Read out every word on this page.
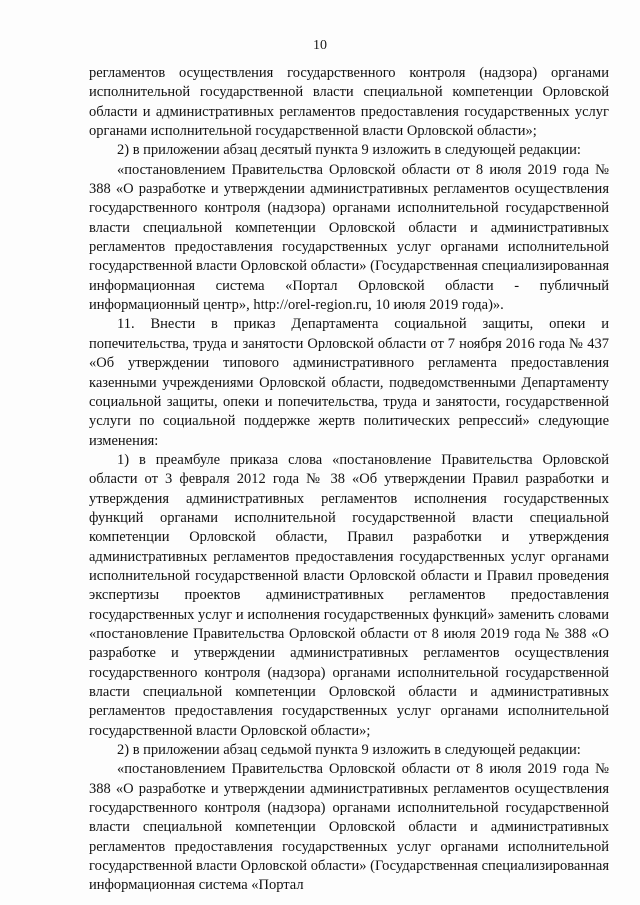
10

регламентов осуществления государственного контроля (надзора) органами исполнительной государственной власти специальной компетенции Орловской области и административных регламентов предоставления государственных услуг органами исполнительной государственной власти Орловской области»;

2) в приложении абзац десятый пункта 9 изложить в следующей редакции:

«постановлением Правительства Орловской области от 8 июля 2019 года № 388 «О разработке и утверждении административных регламентов осуществления государственного контроля (надзора) органами исполнительной государственной власти специальной компетенции Орловской области и административных регламентов предоставления государственных услуг органами исполнительной государственной власти Орловской области» (Государственная специализированная информационная система «Портал Орловской области - публичный информационный центр», http://orel-region.ru, 10 июля 2019 года)».

11. Внести в приказ Департамента социальной защиты, опеки и попечительства, труда и занятости Орловской области от 7 ноября 2016 года № 437 «Об утверждении типового административного регламента предоставления казенными учреждениями Орловской области, подведомственными Департаменту социальной защиты, опеки и попечительства, труда и занятости, государственной услуги по социальной поддержке жертв политических репрессий» следующие изменения:

1) в преамбуле приказа слова «постановление Правительства Орловской области от 3 февраля 2012 года № 38 «Об утверждении Правил разработки и утверждения административных регламентов исполнения государственных функций органами исполнительной государственной власти специальной компетенции Орловской области, Правил разработки и утверждения административных регламентов предоставления государственных услуг органами исполнительной государственной власти Орловской области и Правил проведения экспертизы проектов административных регламентов предоставления государственных услуг и исполнения государственных функций» заменить словами «постановление Правительства Орловской области от 8 июля 2019 года № 388 «О разработке и утверждении административных регламентов осуществления государственного контроля (надзора) органами исполнительной государственной власти специальной компетенции Орловской области и административных регламентов предоставления государственных услуг органами исполнительной государственной власти Орловской области»;

2) в приложении абзац седьмой пункта 9 изложить в следующей редакции:

«постановлением Правительства Орловской области от 8 июля 2019 года № 388 «О разработке и утверждении административных регламентов осуществления государственного контроля (надзора) органами исполнительной государственной власти специальной компетенции Орловской области и административных регламентов предоставления государственных услуг органами исполнительной государственной власти Орловской области» (Государственная специализированная информационная система «Портал
